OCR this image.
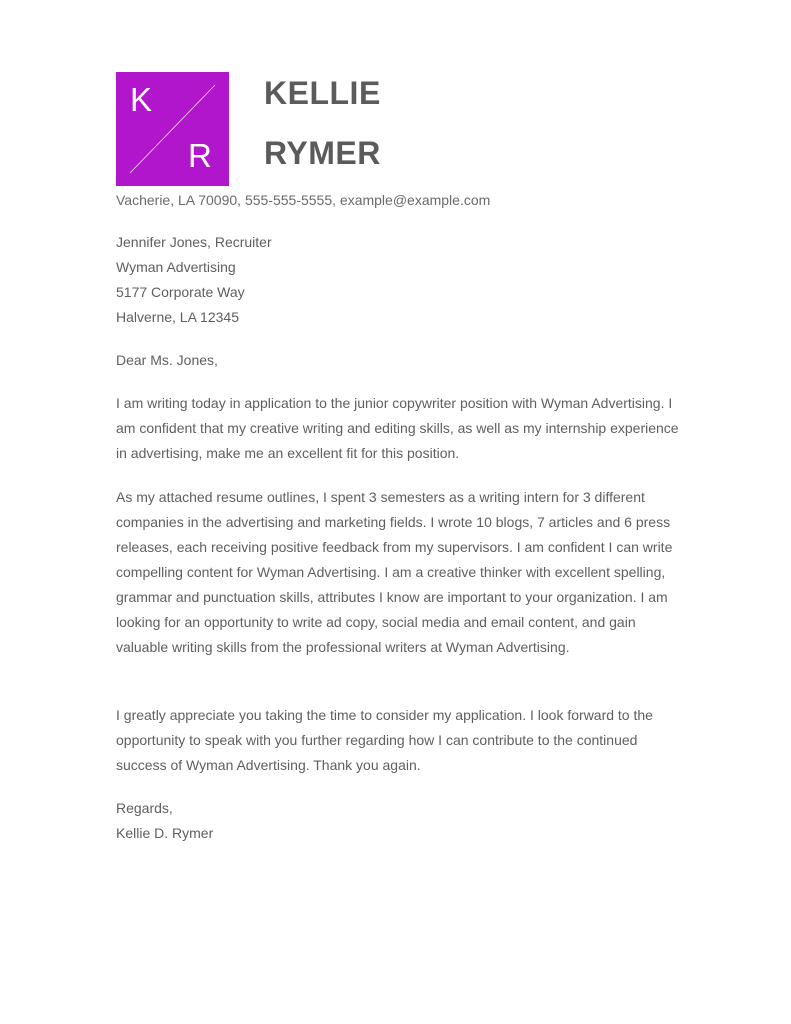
K
R
KELLIE
RYMER
Vacherie, LA 70090, 555-555-5555, example@example.com
Jennifer Jones, Recruiter
Wyman Advertising
5177 Corporate Way
Halverne, LA 12345
Dear Ms. Jones,

I am writing today in application to the junior copywriter position with Wyman Advertising. I am confident that my creative writing and editing skills, as well as my internship experience in advertising, make me an excellent fit for this position.

As my attached resume outlines, I spent 3 semesters as a writing intern for 3 different companies in the advertising and marketing fields. I wrote 10 blogs, 7 articles and 6 press releases, each receiving positive feedback from my supervisors. I am confident I can write compelling content for Wyman Advertising. I am a creative thinker with excellent spelling, grammar and punctuation skills, attributes I know are important to your organization. I am looking for an opportunity to write ad copy, social media and email content, and gain valuable writing skills from the professional writers at Wyman Advertising.

I greatly appreciate you taking the time to consider my application. I look forward to the opportunity to speak with you further regarding how I can contribute to the continued success of Wyman Advertising. Thank you again.

Regards,
Kellie D. Rymer
